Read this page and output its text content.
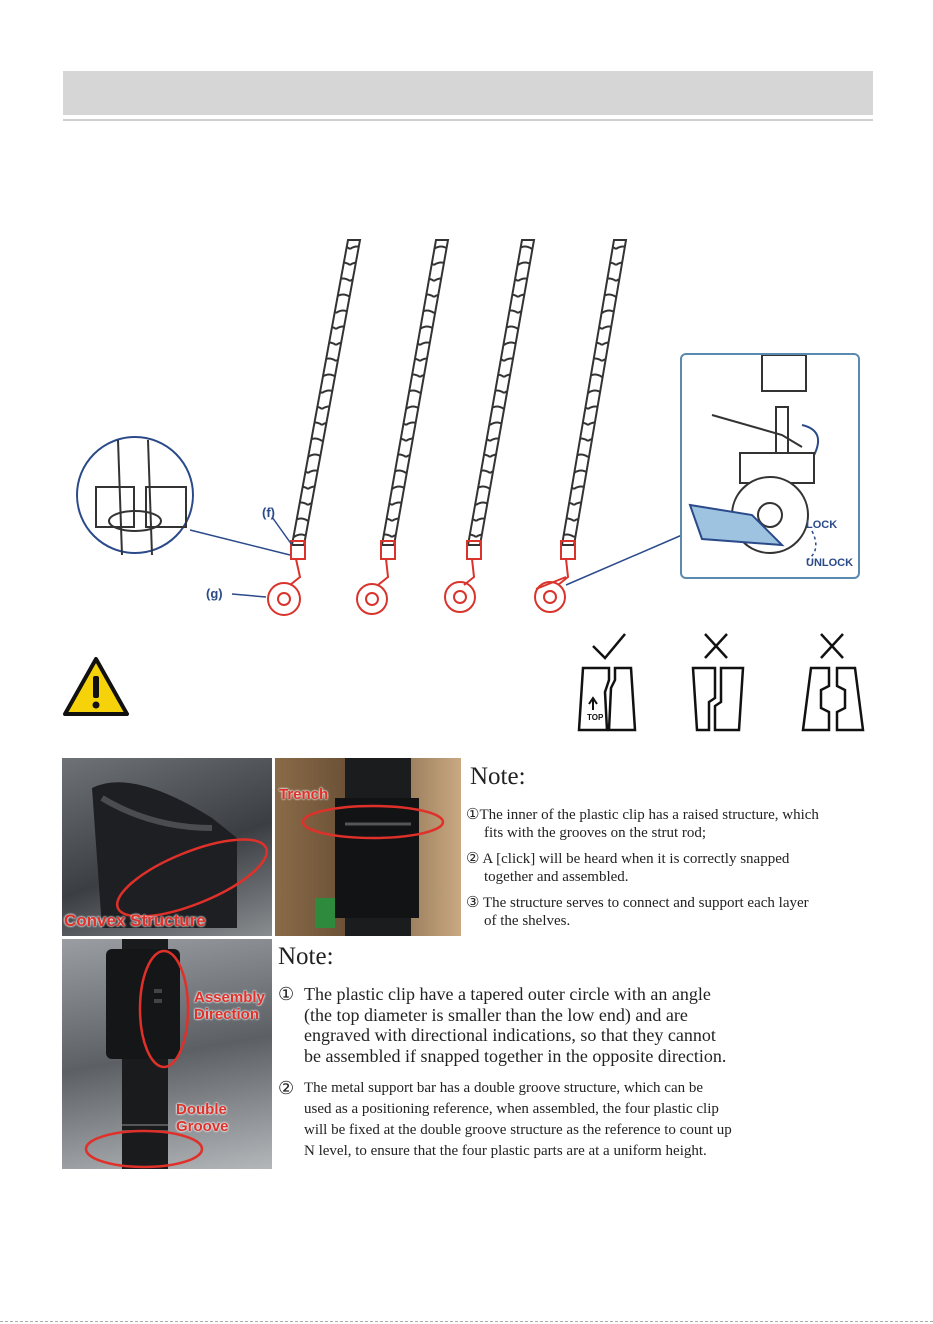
(f)
(g)
LOCK
UNLOCK
TOP
Convex Structure
Trench
Note:
①The inner of the plastic clip has a raised structure, which
fits with the grooves on the strut rod;
② A [click] will be heard when it is correctly snapped
together and assembled.
③ The structure serves to connect and support each layer
of the shelves.
Assembly
Direction
Double
Groove
Note:
① The plastic clip have a tapered outer circle with an angle
(the top diameter is smaller than the low end) and are
engraved with directional indications, so that they cannot
be assembled if snapped together in the opposite direction.
② The metal support bar has a double groove structure, which can be
used as a positioning reference, when assembled, the four plastic clip
will be fixed at the double groove structure as the reference to count up
N level, to ensure that the four plastic parts are at a uniform height.
